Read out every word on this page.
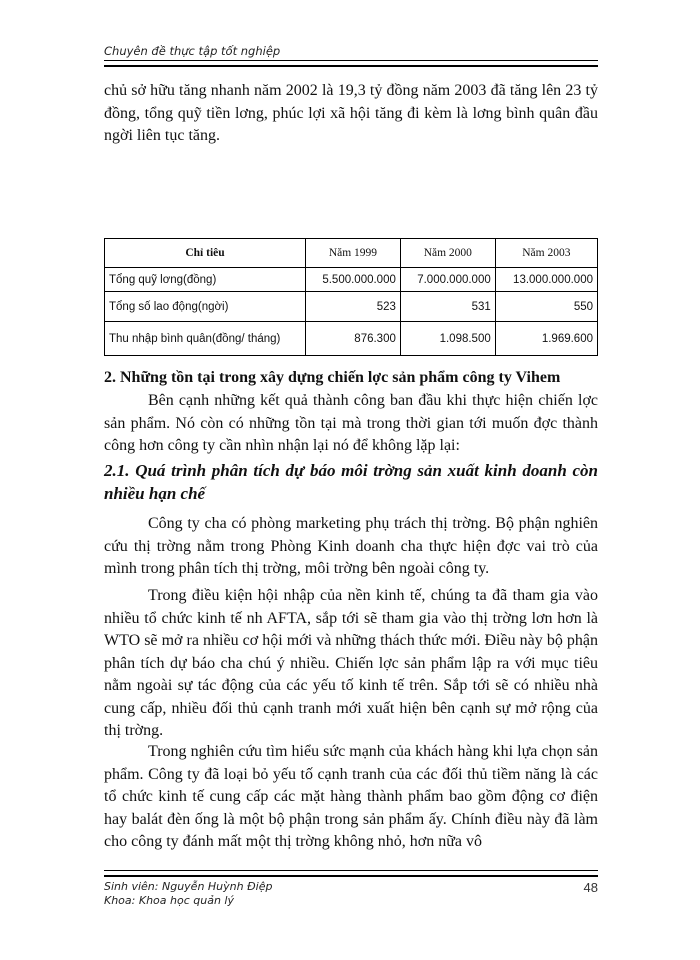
Chuyên đề thực tập tốt nghiệp

chủ sở hữu tăng nhanh năm 2002 là 19,3 tỷ đồng năm 2003 đã tăng lên 23 tỷ đồng, tổng quỹ tiền lơng, phúc lợi xã hội tăng đi kèm là lơng bình quân đầu ngời liên tục tăng.

Chỉ tiêu	Năm 1999	Năm 2000	Năm 2003
Tổng quỹ lơng(đồng)	5.500.000.000	7.000.000.000	13.000.000.000
Tổng số lao động(ngời)	523	531	550
Thu nhập bình quân(đồng/ tháng)	876.300	1.098.500	1.969.600
2. Những tồn tại trong xây dựng chiến lợc sản phẩm công ty Vihem

Bên cạnh những kết quả thành công ban đầu khi thực hiện chiến lợc sản phẩm. Nó còn có những tồn tại mà trong thời gian tới muốn đợc thành công hơn công ty cần nhìn nhận lại nó để không lặp lại:

2.1. Quá trình phân tích dự báo môi trờng sản xuất kinh doanh còn nhiều hạn chế

Công ty cha có phòng marketing phụ trách thị trờng. Bộ phận nghiên cứu thị trờng nằm trong Phòng Kinh doanh cha thực hiện đợc vai trò của mình trong phân tích thị trờng, môi trờng bên ngoài công ty.

Trong điều kiện hội nhập của nền kinh tế, chúng ta đã tham gia vào nhiều tổ chức kinh tế nh AFTA, sắp tới sẽ tham gia vào thị trờng lơn hơn là WTO sẽ mở ra nhiều cơ hội mới và những thách thức mới. Điều này bộ phận phân tích dự báo cha chú ý nhiều. Chiến lợc sản phẩm lập ra với mục tiêu nằm ngoài sự tác động của các yếu tố kinh tế trên. Sắp tới sẽ có nhiều nhà cung cấp, nhiều đối thủ cạnh tranh mới xuất hiện bên cạnh sự mở rộng của thị trờng.

Trong nghiên cứu tìm hiểu sức mạnh của khách hàng khi lựa chọn sản phẩm. Công ty đã loại bỏ yếu tố cạnh tranh của các đối thủ tiềm năng là các tổ chức kinh tế cung cấp các mặt hàng thành phẩm bao gồm động cơ điện hay balát đèn ống là một bộ phận trong sản phẩm ấy. Chính điều này đã làm cho công ty đánh mất một thị trờng không nhỏ, hơn nữa vô

Sinh viên: Nguyễn Huỳnh Điệp
Khoa: Khoa học quản lý
48
